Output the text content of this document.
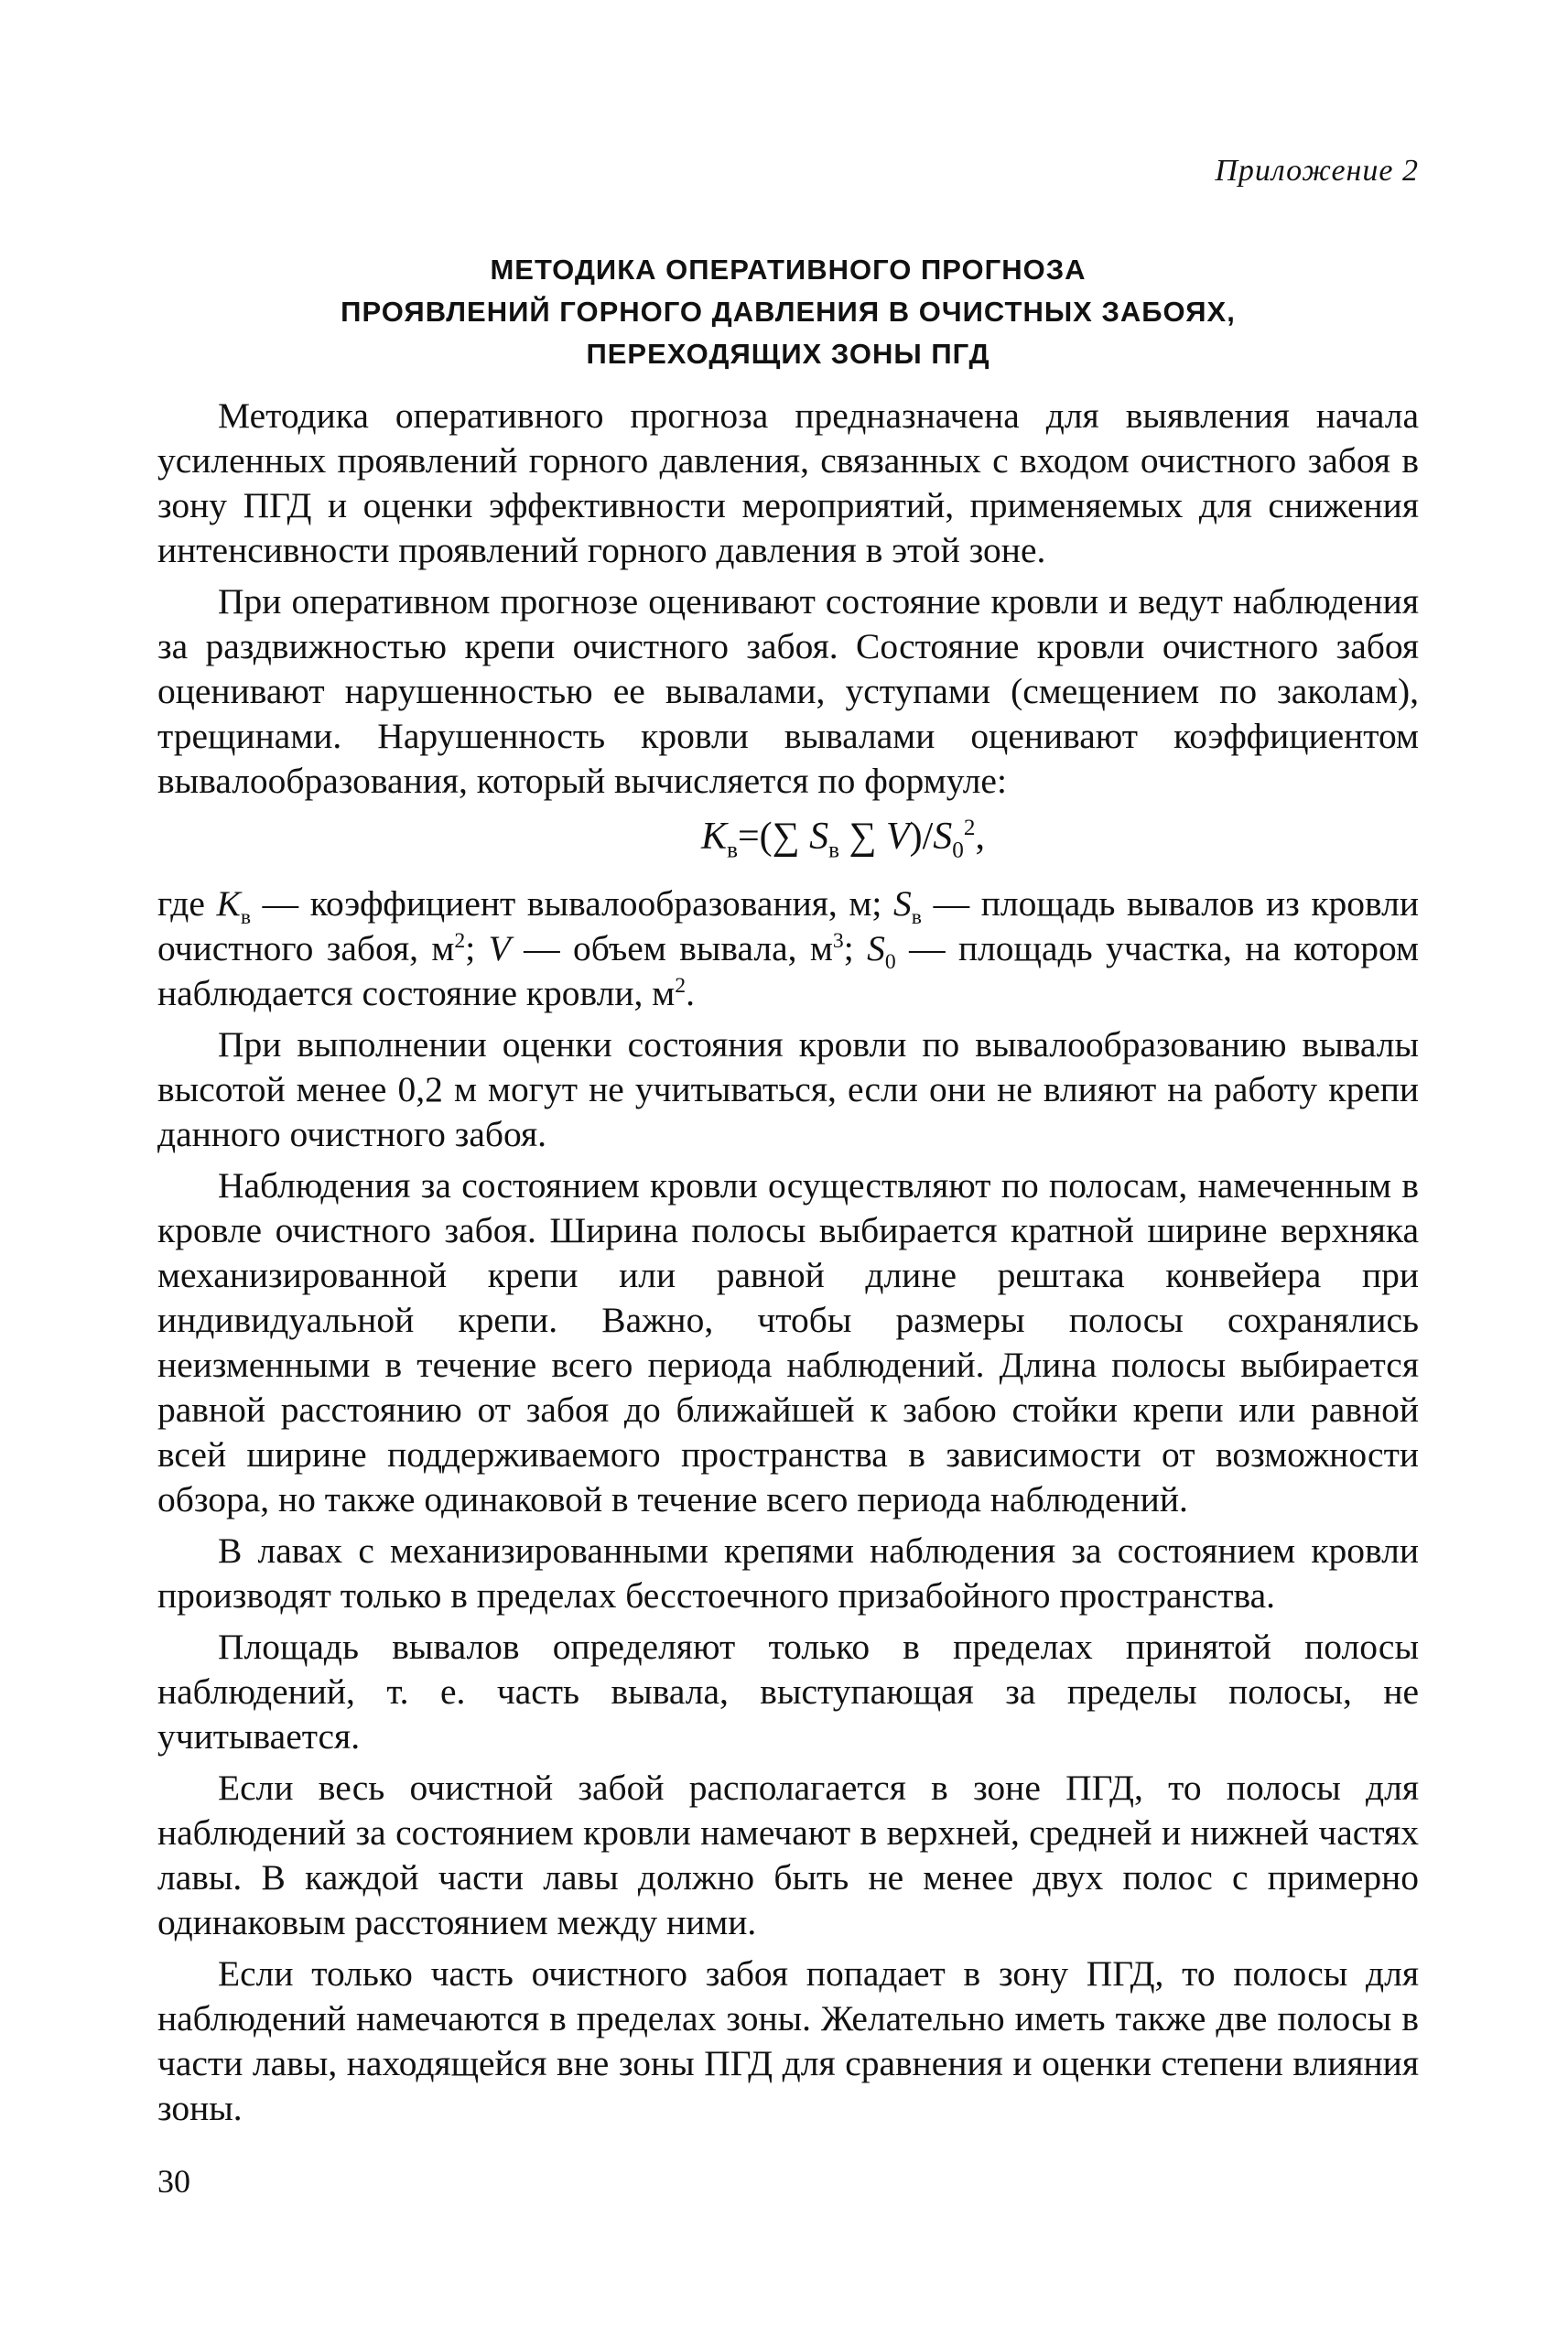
Приложение 2
МЕТОДИКА ОПЕРАТИВНОГО ПРОГНОЗА
ПРОЯВЛЕНИЙ ГОРНОГО ДАВЛЕНИЯ В ОЧИСТНЫХ ЗАБОЯХ,
ПЕРЕХОДЯЩИХ ЗОНЫ ПГД

Методика оперативного прогноза предназначена для выявления начала усиленных проявлений горного давления, связанных с входом очистного забоя в зону ПГД и оценки эффективности мероприятий, применяемых для снижения интенсивности проявлений горного давления в этой зоне.

При оперативном прогнозе оценивают состояние кровли и ведут наблюдения за раздвижностью крепи очистного забоя. Состояние кровли очистного забоя оценивают нарушенностью ее вывалами, уступами (смещением по заколам), трещинами. Нарушенность кровли вывалами оценивают коэффициентом вывалообразования, который вычисляется по формуле:

$K_в=(\sum$ $S_в$ ∑ $V)/S_0^2$,

где $K_в$ — коэффициент вывалообразования, м; $S_в$ — площадь вывалов из кровли очистного забоя, $м^2$; V — объем вывала, $м^3$; $S_0$ — площадь участка, на котором наблюдается состояние кровли, $м^2$.

При выполнении оценки состояния кровли по вывалообразованию вывалы высотой менее 0,2 м могут не учитываться, если они не влияют на работу крепи данного очистного забоя.

Наблюдения за состоянием кровли осуществляют по полосам, намеченным в кровле очистного забоя. Ширина полосы выбирается кратной ширине верхняка механизированной крепи или равной длине рештака конвейера при индивидуальной крепи. Важно, чтобы размеры полосы сохранялись неизменными в течение всего периода наблюдений. Длина полосы выбирается равной расстоянию от забоя до ближайшей к забою стойки крепи или равной всей ширине поддерживаемого пространства в зависимости от возможности обзора, но также одинаковой в течение всего периода наблюдений.

В лавах с механизированными крепями наблюдения за состоянием кровли производят только в пределах бесстоечного призабойного пространства.

Площадь вывалов определяют только в пределах принятой полосы наблюдений, т. е. часть вывала, выступающая за пределы полосы, не учитывается.

Если весь очистной забой располагается в зоне ПГД, то полосы для наблюдений за состоянием кровли намечают в верхней, средней и нижней частях лавы. В каждой части лавы должно быть не менее двух полос с примерно одинаковым расстоянием между ними.

Если только часть очистного забоя попадает в зону ПГД, то полосы для наблюдений намечаются в пределах зоны. Желательно иметь также две полосы в части лавы, находящейся вне зоны ПГД для сравнения и оценки степени влияния зоны.

30
